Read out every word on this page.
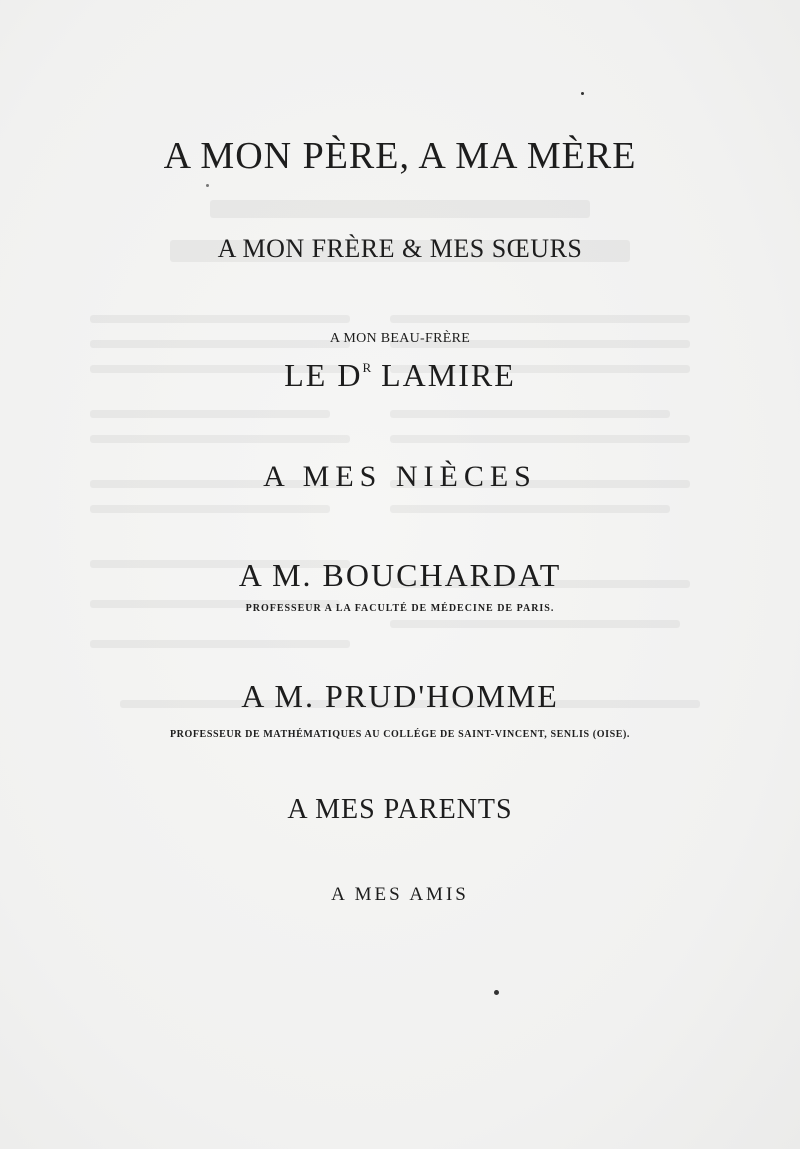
A MON PÈRE, A MA MÈRE
A MON FRÈRE & MES SŒURS
A MON BEAU-FRÈRE
LE $D^R$ LAMIRE
A MES NIÈCES
A M. BOUCHARDAT
PROFESSEUR A LA FACULTÉ DE MÉDECINE DE PARIS.
A M. PRUD'HOMME
PROFESSEUR DE MATHÉMATIQUES AU COLLÉGE DE SAINT-VINCENT, SENLIS (OISE).
A MES PARENTS
A MES AMIS
